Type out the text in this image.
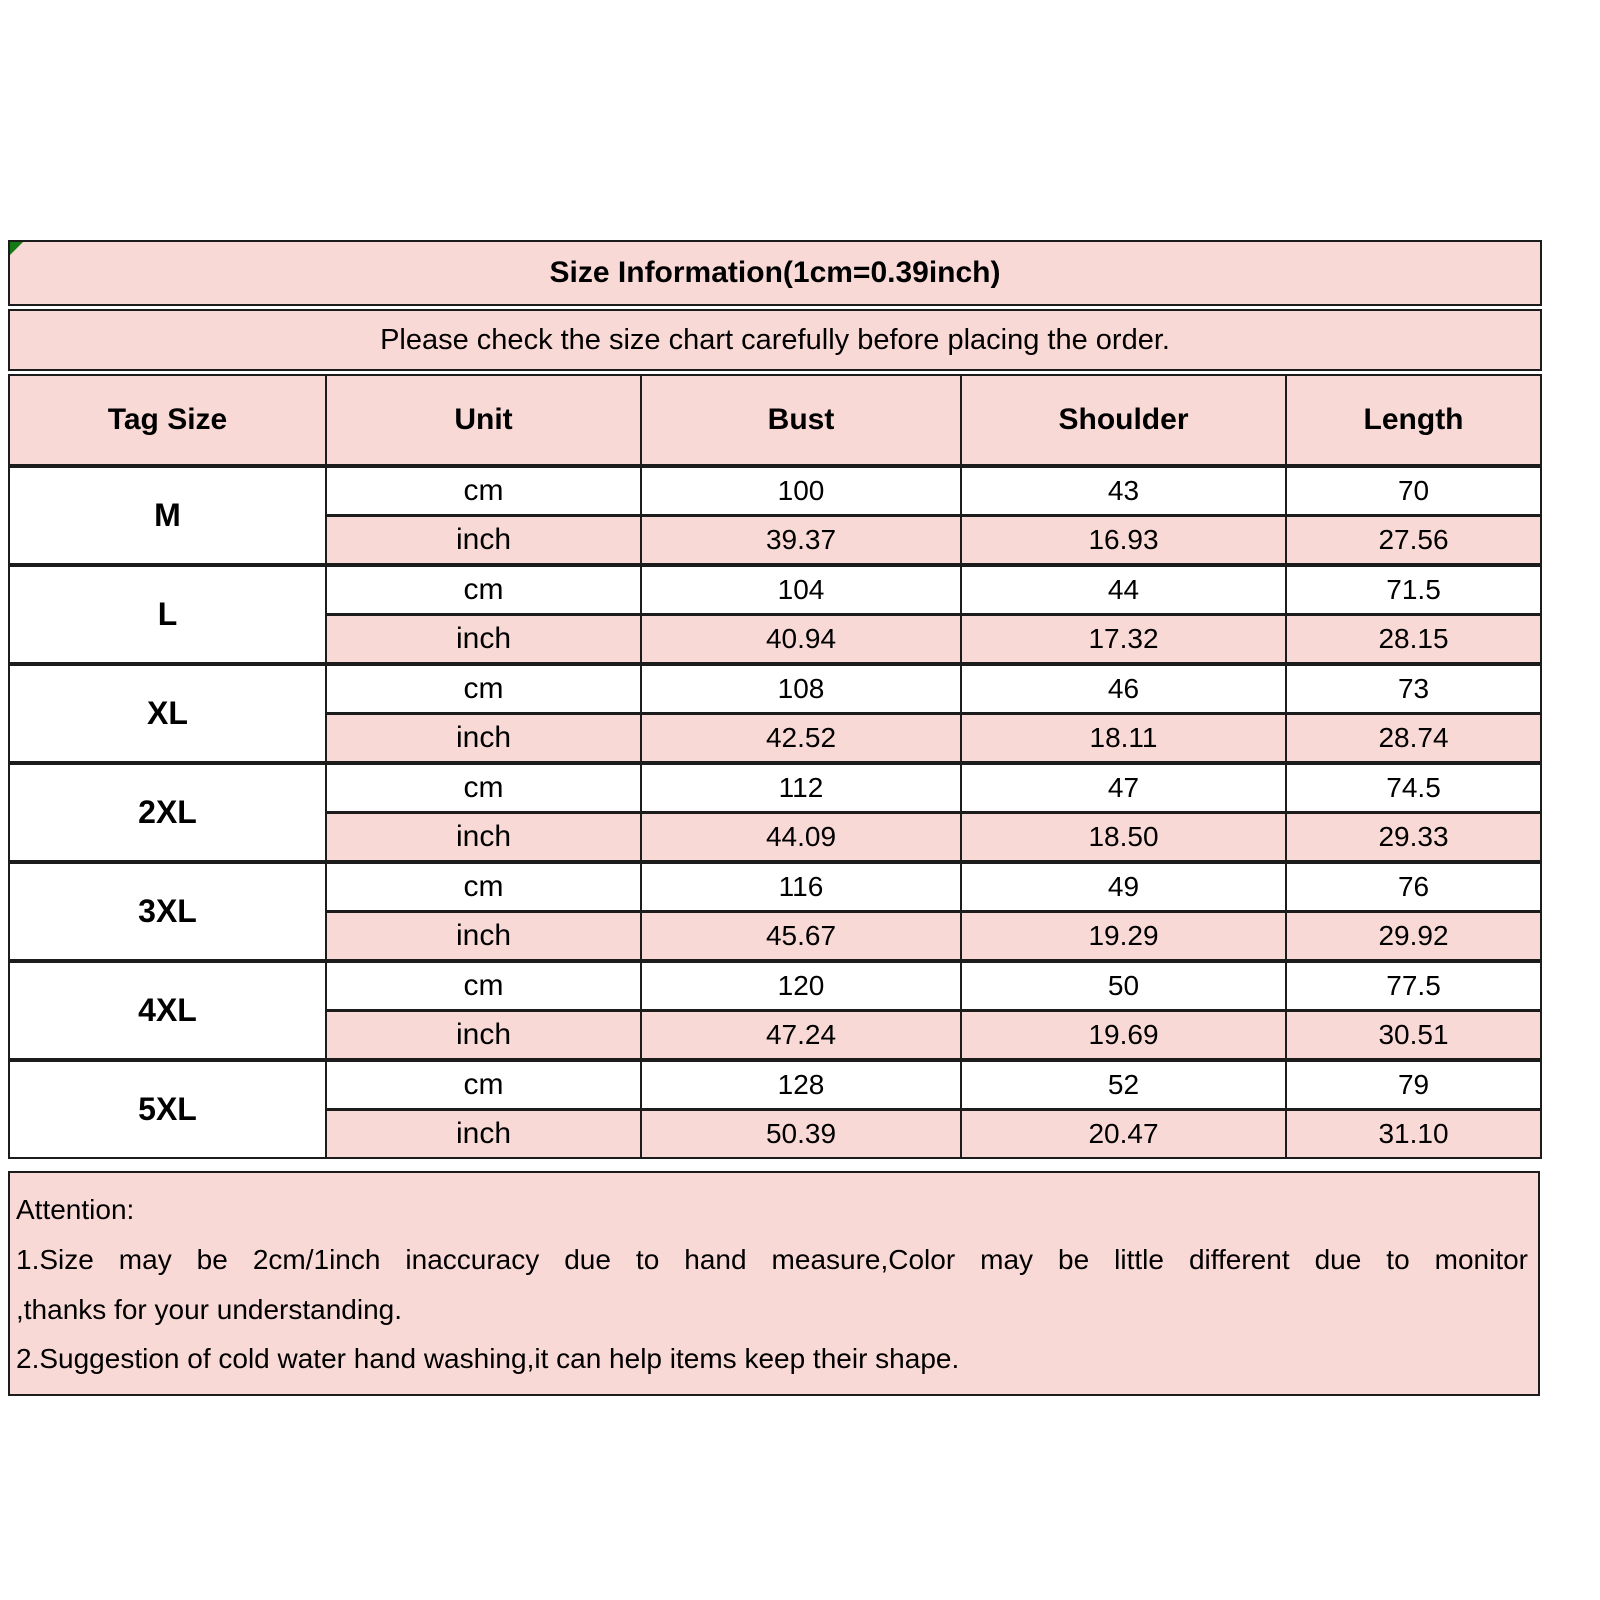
Size Information(1cm=0.39inch)				
Please check the size chart carefully before placing the order.				
Tag Size	Unit	Bust	Shoulder	Length
M	cm	100	43	70
	inch	39.37	16.93	27.56
L	cm	104	44	71.5
	inch	40.94	17.32	28.15
XL	cm	108	46	73
	inch	42.52	18.11	28.74
2XL	cm	112	47	74.5
	inch	44.09	18.50	29.33
3XL	cm	116	49	76
	inch	45.67	19.29	29.92
4XL	cm	120	50	77.5
	inch	47.24	19.69	30.51
5XL	cm	128	52	79
	inch	50.39	20.47	31.10
Attention:
1.Size may be 2cm/1inch inaccuracy due to hand measure,Color may be little different due to monitor
,thanks for your understanding.
2.Suggestion of cold water hand washing,it can help items keep their shape.
